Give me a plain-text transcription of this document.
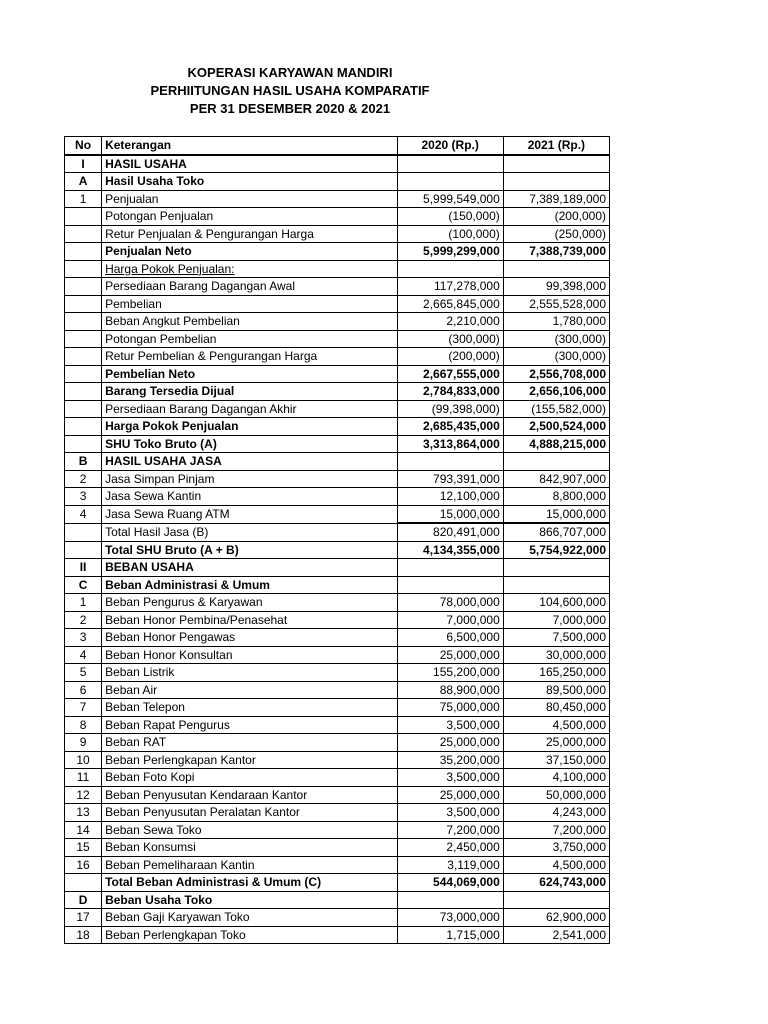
KOPERASI KARYAWAN MANDIRI
PERHIITUNGAN HASIL USAHA KOMPARATIF
PER 31 DESEMBER 2020 & 2021
No	Keterangan	2020 (Rp.)	2021 (Rp.)
I	HASIL USAHA		
A	Hasil Usaha Toko		
1	Penjualan	5,999,549,000	7,389,189,000
	Potongan Penjualan	(150,000)	(200,000)
	Retur Penjualan & Pengurangan Harga	(100,000)	(250,000)
	Penjualan Neto	5,999,299,000	7,388,739,000
	Harga Pokok Penjualan:		
	Persediaan Barang Dagangan Awal	117,278,000	99,398,000
	Pembelian	2,665,845,000	2,555,528,000
	Beban Angkut Pembelian	2,210,000	1,780,000
	Potongan Pembelian	(300,000)	(300,000)
	Retur Pembelian & Pengurangan Harga	(200,000)	(300,000)
	Pembelian Neto	2,667,555,000	2,556,708,000
	Barang Tersedia Dijual	2,784,833,000	2,656,106,000
	Persediaan Barang Dagangan Akhir	(99,398,000)	(155,582,000)
	Harga Pokok Penjualan	2,685,435,000	2,500,524,000
	SHU Toko Bruto (A)	3,313,864,000	4,888,215,000
B	HASIL USAHA JASA		
2	Jasa Simpan Pinjam	793,391,000	842,907,000
3	Jasa Sewa Kantin	12,100,000	8,800,000
4	Jasa Sewa Ruang ATM	15,000,000	15,000,000
	Total Hasil Jasa (B)	820,491,000	866,707,000
	Total SHU Bruto (A + B)	4,134,355,000	5,754,922,000
II	BEBAN USAHA		
C	Beban Administrasi & Umum		
1	Beban Pengurus & Karyawan	78,000,000	104,600,000
2	Beban Honor Pembina/Penasehat	7,000,000	7,000,000
3	Beban Honor Pengawas	6,500,000	7,500,000
4	Beban Honor Konsultan	25,000,000	30,000,000
5	Beban Listrik	155,200,000	165,250,000
6	Beban Air	88,900,000	89,500,000
7	Beban Telepon	75,000,000	80,450,000
8	Beban Rapat Pengurus	3,500,000	4,500,000
9	Beban RAT	25,000,000	25,000,000
10	Beban Perlengkapan Kantor	35,200,000	37,150,000
11	Beban Foto Kopi	3,500,000	4,100,000
12	Beban Penyusutan Kendaraan Kantor	25,000,000	50,000,000
13	Beban Penyusutan Peralatan Kantor	3,500,000	4,243,000
14	Beban Sewa Toko	7,200,000	7,200,000
15	Beban Konsumsi	2,450,000	3,750,000
16	Beban Pemeliharaan Kantin	3,119,000	4,500,000
	Total Beban Administrasi & Umum (C)	544,069,000	624,743,000
D	Beban Usaha Toko		
17	Beban Gaji Karyawan Toko	73,000,000	62,900,000
18	Beban Perlengkapan Toko	1,715,000	2,541,000
